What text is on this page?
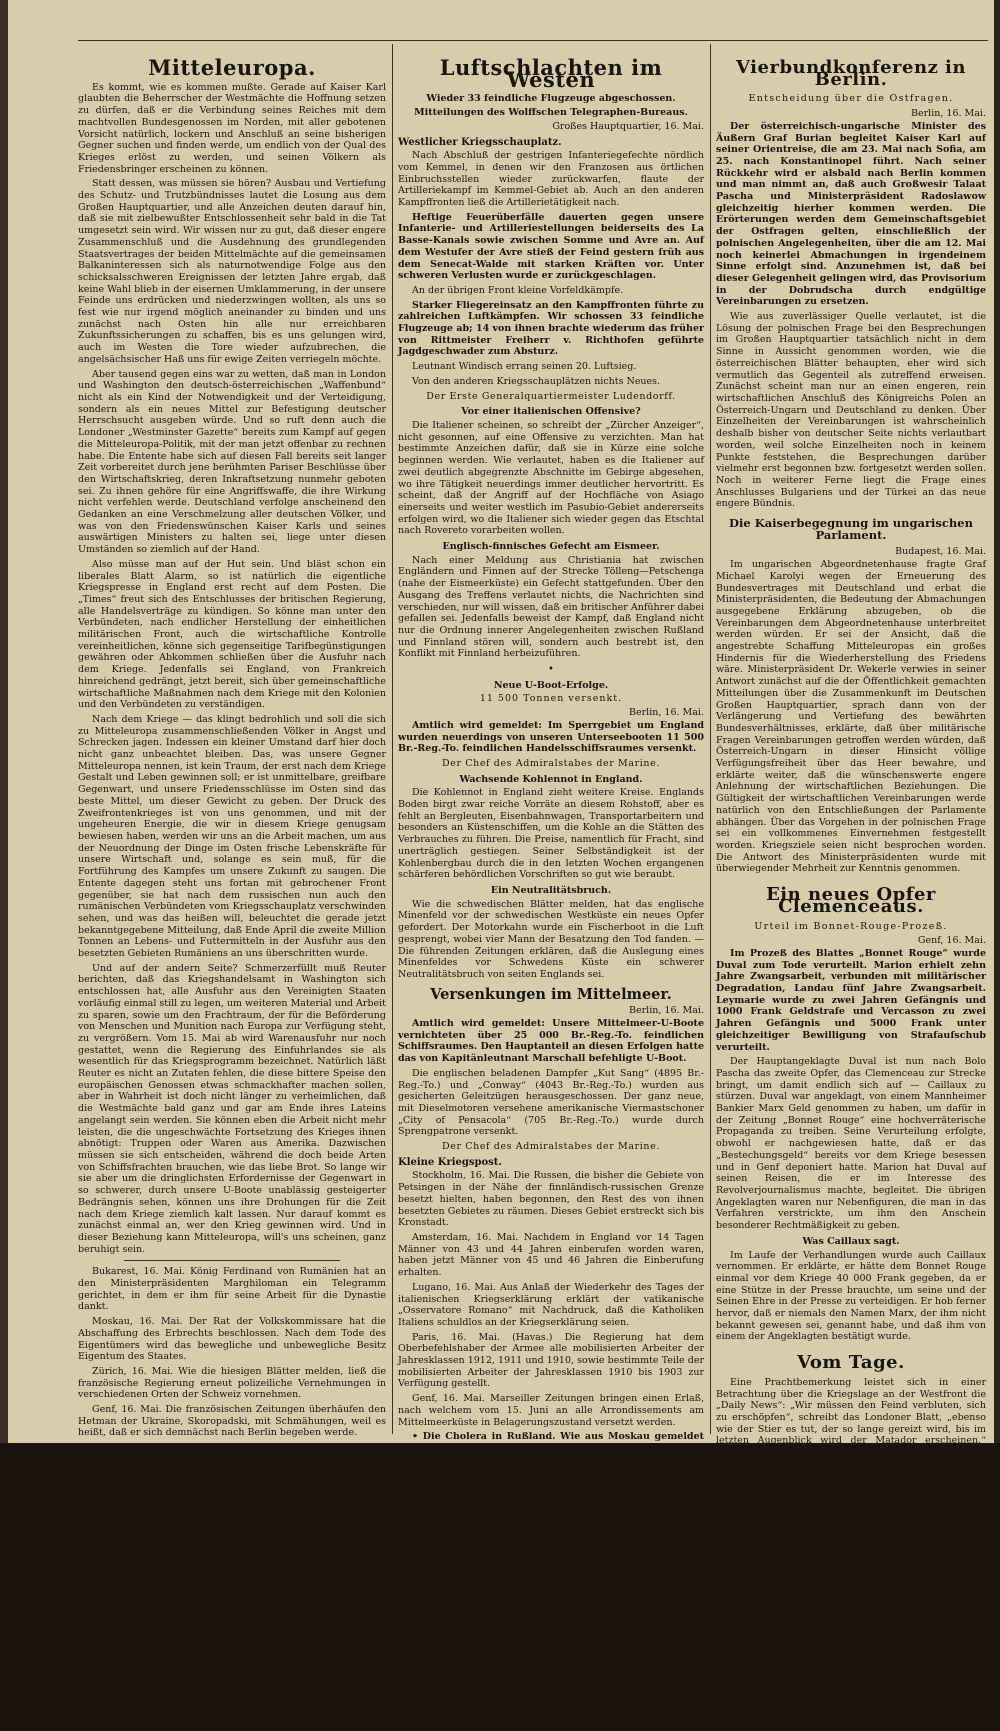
Mitteleuropa.

Es kommt, wie es kommen mußte. Gerade auf Kaiser Karl glaubten die Beherrscher der Westmächte die Hoffnung setzen zu dürfen, daß er die Verbindung seines Reiches mit dem machtvollen Bundesgenossen im Norden, mit aller gebotenen Vorsicht natürlich, lockern und Anschluß an seine bisherigen Gegner suchen und finden werde, um endlich von der Qual des Krieges erlöst zu werden, und seinen Völkern als Friedensbringer erscheinen zu können.

Statt dessen, was müssen sie hören? Ausbau und Vertiefung des Schutz- und Trutzbündnisses lautet die Losung aus dem Großen Hauptquartier, und alle Anzeichen deuten darauf hin, daß sie mit zielbewußter Entschlossenheit sehr bald in die Tat umgesetzt sein wird. Wir wissen nur zu gut, daß dieser engere Zusammenschluß und die Ausdehnung des grundlegenden Staatsvertrages der beiden Mittelmächte auf die gemeinsamen Balkaninteressen sich als naturnotwendige Folge aus den schicksalsschweren Ereignissen der letzten Jahre ergab, daß keine Wahl blieb in der eisernen Umklammerung, in der unsere Feinde uns erdrücken und niederzwingen wollten, als uns so fest wie nur irgend möglich aneinander zu binden und uns zunächst nach Osten hin alle nur erreichbaren Zukunftssicherungen zu schaffen, bis es uns gelungen wird, auch im Westen die Tore wieder aufzubrechen, die angelsächsischer Haß uns für ewige Zeiten verriegeln möchte.

Aber tausend gegen eins war zu wetten, daß man in London und Washington den deutsch-österreichischen „Waffenbund“ nicht als ein Kind der Notwendigkeit und der Verteidigung, sondern als ein neues Mittel zur Befestigung deutscher Herrschsucht ausgeben würde. Und so ruft denn auch die Londoner „Westminster Gazette“ bereits zum Kampf auf gegen die Mitteleuropa-Politik, mit der man jetzt offenbar zu rechnen habe. Die Entente habe sich auf diesen Fall bereits seit langer Zeit vorbereitet durch jene berühmten Pariser Beschlüsse über den Wirtschaftskrieg, deren Inkraftsetzung nunmehr geboten sei. Zu ihnen gehöre für eine Angriffswaffe, die ihre Wirkung nicht verfehlen werde. Deutschland verfolge anscheinend den Gedanken an eine Verschmelzung aller deutschen Völker, und was von den Friedenswünschen Kaiser Karls und seines auswärtigen Ministers zu halten sei, liege unter diesen Umständen so ziemlich auf der Hand.

Also müsse man auf der Hut sein. Und bläst schon ein liberales Blatt Alarm, so ist natürlich die eigentliche Kriegspresse in England erst recht auf dem Posten. Die „Times“ freut sich des Entschlusses der britischen Regierung, alle Handelsverträge zu kündigen. So könne man unter den Verbündeten, nach endlicher Herstellung der einheitlichen militärischen Front, auch die wirtschaftliche Kontrolle vereinheitlichen, könne sich gegenseitige Tarifbegünstigungen gewähren oder Abkommen schließen über die Ausfuhr nach dem Kriege. Jedenfalls sei England, von Frankreich hinreichend gedrängt, jetzt bereit, sich über gemeinschaftliche wirtschaftliche Maßnahmen nach dem Kriege mit den Kolonien und den Verbündeten zu verständigen.

Nach dem Kriege — das klingt bedrohlich und soll die sich zu Mitteleuropa zusammenschließenden Völker in Angst und Schrecken jagen. Indessen ein kleiner Umstand darf hier doch nicht ganz unbeachtet bleiben. Das, was unsere Gegner Mitteleuropa nennen, ist kein Traum, der erst nach dem Kriege Gestalt und Leben gewinnen soll; er ist unmittelbare, greifbare Gegenwart, und unsere Friedensschlüsse im Osten sind das beste Mittel, um dieser Gewicht zu geben. Der Druck des Zweifrontenkrieges ist von uns genommen, und mit der ungeheuren Energie, die wir in diesem Kriege genugsam bewiesen haben, werden wir uns an die Arbeit machen, um aus der Neuordnung der Dinge im Osten frische Lebenskräfte für unsere Wirtschaft und, solange es sein muß, für die Fortführung des Kampfes um unsere Zukunft zu saugen. Die Entente dagegen steht uns fortan mit gebrochener Front gegenüber, sie hat nach dem russischen nun auch den rumänischen Verbündeten vom Kriegsschauplatz verschwinden sehen, und was das heißen will, beleuchtet die gerade jetzt bekanntgegebene Mitteilung, daß Ende April die zweite Million Tonnen an Lebens- und Futtermitteln in der Ausfuhr aus den besetzten Gebieten Rumäniens an uns überschritten wurde.

Und auf der andern Seite? Schmerzerfüllt muß Reuter berichten, daß das Kriegshandelsamt in Washington sich entschlossen hat, alle Ausfuhr aus den Vereinigten Staaten vorläufig einmal still zu legen, um weiteren Material und Arbeit zu sparen, sowie um den Frachtraum, der für die Beförderung von Menschen und Munition nach Europa zur Verfügung steht, zu vergrößern. Vom 15. Mai ab wird Warenausfuhr nur noch gestattet, wenn die Regierung des Einfuhrlandes sie als wesentlich für das Kriegsprogramm bezeichnet. Natürlich läßt Reuter es nicht an Zutaten fehlen, die diese bittere Speise den europäischen Genossen etwas schmackhafter machen sollen, aber in Wahrheit ist doch nicht länger zu verheimlichen, daß die Westmächte bald ganz und gar am Ende ihres Lateins angelangt sein werden. Sie können eben die Arbeit nicht mehr leisten, die die ungeschwächte Fortsetzung des Krieges ihnen abnötigt: Truppen oder Waren aus Amerika. Dazwischen müssen sie sich entscheiden, während die doch beide Arten von Schiffsfrachten brauchen, wie das liebe Brot. So lange wir sie aber um die dringlichsten Erfordernisse der Gegenwart in so schwerer, durch unsere U-Boote unablässig gesteigerter Bedrängnis sehen, können uns ihre Drohungen für die Zeit nach dem Kriege ziemlich kalt lassen. Nur darauf kommt es zunächst einmal an, wer den Krieg gewinnen wird. Und in dieser Beziehung kann Mitteleuropa, will's uns scheinen, ganz beruhigt sein.

Bukarest, 16. Mai. König Ferdinand von Rumänien hat an den Ministerpräsidenten Marghiloman ein Telegramm gerichtet, in dem er ihm für seine Arbeit für die Dynastie dankt.

Moskau, 16. Mai. Der Rat der Volkskommissare hat die Abschaffung des Erbrechts beschlossen. Nach dem Tode des Eigentümers wird das bewegliche und unbewegliche Besitz Eigentum des Staates.

Zürich, 16. Mai. Wie die hiesigen Blätter melden, ließ die französische Regierung erneut polizeiliche Vernehmungen in verschiedenen Orten der Schweiz vornehmen.

Genf, 16. Mai. Die französischen Zeitungen überhäufen den Hetman der Ukraine, Skoropadski, mit Schmähungen, weil es heißt, daß er sich demnächst nach Berlin begeben werde.

Luftschlachten im Westen
Wieder 33 feindliche Flugzeuge abgeschossen.
Mitteilungen des Wolffschen Telegraphen-Bureaus.
Großes Hauptquartier, 16. Mai.
Westlicher Kriegsschauplatz.

Nach Abschluß der gestrigen Infanteriegefechte nördlich vom Kemmel, in denen wir den Franzosen aus örtlichen Einbruchsstellen wieder zurückwarfen, flaute der Artilleriekampf im Kemmel-Gebiet ab. Auch an den anderen Kampffronten ließ die Artillerietätigkeit nach.

Heftige Feuerüberfälle dauerten gegen unsere Infanterie- und Artilleriestellungen beiderseits des La Basse-Kanals sowie zwischen Somme und Avre an. Auf dem Westufer der Avre stieß der Feind gestern früh aus dem Senecat-Walde mit starken Kräften vor. Unter schweren Verlusten wurde er zurückgeschlagen.

An der übrigen Front kleine Vorfeldkämpfe.

Starker Fliegereinsatz an den Kampffronten führte zu zahlreichen Luftkämpfen. Wir schossen 33 feindliche Flugzeuge ab; 14 von ihnen brachte wiederum das früher von Rittmeister Freiherr v. Richthofen geführte Jagdgeschwader zum Absturz.

Leutnant Windisch errang seinen 20. Luftsieg.

Von den anderen Kriegsschauplätzen nichts Neues.

Der Erste Generalquartiermeister Ludendorff.

Vor einer italienischen Offensive?

Die Italiener scheinen, so schreibt der „Zürcher Anzeiger“, nicht gesonnen, auf eine Offensive zu verzichten. Man hat bestimmte Anzeichen dafür, daß sie in Kürze eine solche beginnen werden. Wie verlautet, haben es die Italiener auf zwei deutlich abgegrenzte Abschnitte im Gebirge abgesehen, wo ihre Tätigkeit neuerdings immer deutlicher hervortritt. Es scheint, daß der Angriff auf der Hochfläche von Asiago einerseits und weiter westlich im Pasubio-Gebiet andererseits erfolgen wird, wo die Italiener sich wieder gegen das Etschtal nach Rovereto vorarbeiten wollen.

Englisch-finnisches Gefecht am Eismeer.

Nach einer Meldung aus Christiania hat zwischen Engländern und Finnen auf der Strecke Tölleng—Petschenga (nahe der Eismeerküste) ein Gefecht stattgefunden. Über den Ausgang des Treffens verlautet nichts, die Nachrichten sind verschieden, nur will wissen, daß ein britischer Anführer dabei gefallen sei. Jedenfalls beweist der Kampf, daß England nicht nur die Ordnung innerer Angelegenheiten zwischen Rußland und Finnland stören will, sondern auch bestrebt ist, den Konflikt mit Finnland herbeizuführen.

•
Neue U-Boot-Erfolge.
11 500 Tonnen versenkt.
Berlin, 16. Mai.

Amtlich wird gemeldet: Im Sperrgebiet um England wurden neuerdings von unseren Unterseebooten 11 500 Br.-Reg.-To. feindlichen Handelsschiffsraumes versenkt.

Der Chef des Admiralstabes der Marine.

Wachsende Kohlennot in England.

Die Kohlennot in England zieht weitere Kreise. Englands Boden birgt zwar reiche Vorräte an diesem Rohstoff, aber es fehlt an Bergleuten, Eisenbahnwagen, Transportarbeitern und besonders an Küstenschiffen, um die Kohle an die Stätten des Verbrauches zu führen. Die Preise, namentlich für Fracht, sind unerträglich gestiegen. Seiner Selbständigkeit ist der Kohlenbergbau durch die in den letzten Wochen ergangenen schärferen behördlichen Vorschriften so gut wie beraubt.

Ein Neutralitätsbruch.

Wie die schwedischen Blätter melden, hat das englische Minenfeld vor der schwedischen Westküste ein neues Opfer gefordert. Der Motorkahn wurde ein Fischerboot in die Luft gesprengt, wobei vier Mann der Besatzung den Tod fanden. — Die führenden Zeitungen erklären, daß die Auslegung eines Minenfeldes vor Schwedens Küste ein schwerer Neutralitätsbruch von seiten Englands sei.

Versenkungen im Mittelmeer.
Berlin, 16. Mai.

Amtlich wird gemeldet: Unsere Mittelmeer-U-Boote vernichteten über 25 000 Br.-Reg.-To. feindlichen Schiffsraumes. Den Hauptanteil an diesen Erfolgen hatte das von Kapitänleutnant Marschall befehligte U-Boot.

Die englischen beladenen Dampfer „Kut Sang“ (4895 Br.-Reg.-To.) und „Conway“ (4043 Br.-Reg.-To.) wurden aus gesicherten Geleitzügen herausgeschossen. Der ganz neue, mit Dieselmotoren versehene amerikanische Viermastschoner „City of Pensacola“ (705 Br.-Reg.-To.) wurde durch Sprengpatrone versenkt.

Der Chef des Admiralstabes der Marine.

Kleine Kriegspost.

Stockholm, 16. Mai. Die Russen, die bisher die Gebiete von Petsingen in der Nähe der finnländisch-russischen Grenze besetzt hielten, haben begonnen, den Rest des von ihnen besetzten Gebietes zu räumen. Dieses Gebiet erstreckt sich bis Kronstadt.

Amsterdam, 16. Mai. Nachdem in England vor 14 Tagen Männer von 43 und 44 Jahren einberufen worden waren, haben jetzt Männer von 45 und 46 Jahren die Einberufung erhalten.

Lugano, 16. Mai. Aus Anlaß der Wiederkehr des Tages der italienischen Kriegserklärung erklärt der vatikanische „Osservatore Romano“ mit Nachdruck, daß die Katholiken Italiens schuldlos an der Kriegserklärung seien.

Paris, 16. Mai. (Havas.) Die Regierung hat dem Oberbefehlshaber der Armee alle mobilisierten Arbeiter der Jahresklassen 1912, 1911 und 1910, sowie bestimmte Teile der mobilisierten Arbeiter der Jahresklassen 1910 bis 1903 zur Verfügung gestellt.

Genf, 16. Mai. Marseiller Zeitungen bringen einen Erlaß, nach welchem vom 15. Juni an alle Arrondissements am Mittelmeerküste in Belagerungszustand versetzt werden.

• Die Cholera in Rußland. Wie aus Moskau gemeldet wird, ist jetzt auch in den Provinzen Astrachan und Pensa die Cholera ausgebrochen.

Vierbundkonferenz in Berlin.
Entscheidung über die Ostfragen.
Berlin, 16. Mai.

Der österreichisch-ungarische Minister des Äußern Graf Burian begleitet Kaiser Karl auf seiner Orientreise, die am 23. Mai nach Sofia, am 25. nach Konstantinopel führt. Nach seiner Rückkehr wird er alsbald nach Berlin kommen und man nimmt an, daß auch Großwesir Talaat Pascha und Ministerpräsident Radoslawow gleichzeitig hierher kommen werden. Die Erörterungen werden dem Gemeinschaftsgebiet der Ostfragen gelten, einschließlich der polnischen Angelegenheiten, über die am 12. Mai noch keinerlei Abmachungen in irgendeinem Sinne erfolgt sind. Anzunehmen ist, daß bei dieser Gelegenheit gelingen wird, das Provisorium in der Dobrudscha durch endgültige Vereinbarungen zu ersetzen.

Wie aus zuverlässiger Quelle verlautet, ist die Lösung der polnischen Frage bei den Besprechungen im Großen Hauptquartier tatsächlich nicht in dem Sinne in Aussicht genommen worden, wie die österreichischen Blätter behaupten, eher wird sich vermutlich das Gegenteil als zutreffend erweisen. Zunächst scheint man nur an einen engeren, rein wirtschaftlichen Anschluß des Königreichs Polen an Österreich-Ungarn und Deutschland zu denken. Über Einzelheiten der Vereinbarungen ist wahrscheinlich deshalb bisher von deutscher Seite nichts verlautbart worden, weil solche Einzelheiten noch in keinem Punkte feststehen, die Besprechungen darüber vielmehr erst begonnen bzw. fortgesetzt werden sollen. Noch in weiterer Ferne liegt die Frage eines Anschlusses Bulgariens und der Türkei an das neue engere Bündnis.

Die Kaiserbegegnung im ungarischen Parlament.
Budapest, 16. Mai.

Im ungarischen Abgeordnetenhause fragte Graf Michael Karolyi wegen der Erneuerung des Bundesvertrages mit Deutschland und erbat die Ministerpräsidenten, die Bedeutung der Abmachungen ausgegebene Erklärung abzugeben, ob die Vereinbarungen dem Abgeordnetenhause unterbreitet werden würden. Er sei der Ansicht, daß die angestrebte Schaffung Mitteleuropas ein großes Hindernis für die Wiederherstellung des Friedens wäre. Ministerpräsident Dr. Wekerle verwies in seiner Antwort zunächst auf die der Öffentlichkeit gemachten Mitteilungen über die Zusammenkunft im Deutschen Großen Hauptquartier, sprach dann von der Verlängerung und Vertiefung des bewährten Bundesverhältnisses, erklärte, daß über militärische Fragen Vereinbarungen getroffen werden würden, daß Österreich-Ungarn in dieser Hinsicht völlige Verfügungsfreiheit über das Heer bewahre, und erklärte weiter, daß die wünschenswerte engere Anlehnung der wirtschaftlichen Beziehungen. Die Gültigkeit der wirtschaftlichen Vereinbarungen werde natürlich von den Entschließungen der Parlamente abhängen. Über das Vorgehen in der polnischen Frage sei ein vollkommenes Einvernehmen festgestellt worden. Kriegsziele seien nicht besprochen worden. Die Antwort des Ministerpräsidenten wurde mit überwiegender Mehrheit zur Kenntnis genommen.

Ein neues Opfer Clemenceaus.
Urteil im Bonnet-Rouge-Prozeß.
Genf, 16. Mai.

Im Prozeß des Blattes „Bonnet Rouge“ wurde Duval zum Tode verurteilt. Marion erhielt zehn Jahre Zwangsarbeit, verbunden mit militärischer Degradation, Landau fünf Jahre Zwangsarbeit. Leymarie wurde zu zwei Jahren Gefängnis und 1000 Frank Geldstrafe und Vercasson zu zwei Jahren Gefängnis und 5000 Frank unter gleichzeitiger Bewilligung von Strafaufschub verurteilt.

Der Hauptangeklagte Duval ist nun nach Bolo Pascha das zweite Opfer, das Clemenceau zur Strecke bringt, um damit endlich sich auf — Caillaux zu stürzen. Duval war angeklagt, von einem Mannheimer Bankier Marx Geld genommen zu haben, um dafür in der Zeitung „Bonnet Rouge“ eine hochverräterische Propaganda zu treiben. Seine Verurteilung erfolgte, obwohl er nachgewiesen hatte, daß er das „Bestechungsgeld“ bereits vor dem Kriege besessen und in Genf deponiert hatte. Marion hat Duval auf seinen Reisen, die er im Interesse des Revolverjournalismus machte, begleitet. Die übrigen Angeklagten waren nur Nebenfiguren, die man in das Verfahren verstrickte, um ihm den Anschein besonderer Rechtmäßigkeit zu geben.

Was Caillaux sagt.

Im Laufe der Verhandlungen wurde auch Caillaux vernommen. Er erklärte, er hätte dem Bonnet Rouge einmal vor dem Kriege 40 000 Frank gegeben, da er eine Stütze in der Presse brauchte, um seine und der Seinen Ehre in der Presse zu verteidigen. Er hob ferner hervor, daß er niemals den Namen Marx, der ihm nicht bekannt gewesen sei, genannt habe, und daß ihm von einem der Angeklagten bestätigt wurde.

Vom Tage.

Eine Prachtbemerkung leistet sich in einer Betrachtung über die Kriegslage an der Westfront die „Daily News“: „Wir müssen den Feind verbluten, sich zu erschöpfen“, schreibt das Londoner Blatt, „ebenso wie der Stier es tut, der so lange gereizt wird, bis im letzten Augenblick wird der Matador erscheinen.“ Unter dem Matador oder Torero ist so nennt man bekanntlich bei Stierkämpfen den Stiertöter — ist natürlich doch der Brite zu verstehen. Man erfährt also, daß er noch nicht für die Zukunft in der Rolle des Stieres dem Stier den Gnadenstoß zu verleihen. Wenn er noch kann, sogar, dürfte er früher ermatten als der Stier, es sei denn, der Fall bringen soll. Also: „Auf in den Kampf, Torero!“

Die kindliche Freude der Amerikaner an Zahlenspielereien spiegelt sich täglich in den Meldungen, die nach Europa kabeln. Einmal wird berichtet, daß bei der amerikanischen Regierung 20 000 Vorschläge und Pläne, die auf den Bau von Luftschiffen Bezug hätten, eingegangen seien. Dann wird wieder berichtet, daß bei den amerikanischen Regierungen Werften bereits die erste Million Tonnen Schiffsraum in Gestalt von 159 Schiffen abgeliefert worden sei. Dann wieder wird plötzlich vermerkt, daß die „Newyork World“ behauptet, daß der Arbeiter großer Schiffswerften, die innerhalb einer Stunde gepreßt habe — und so weiter ins Unendliche fort. Wenn man als sie schönen Hoffnungen und Ankündigungen der Gerechtigkeit drücken sich nicht auch bloß als Nieten erweisen!
